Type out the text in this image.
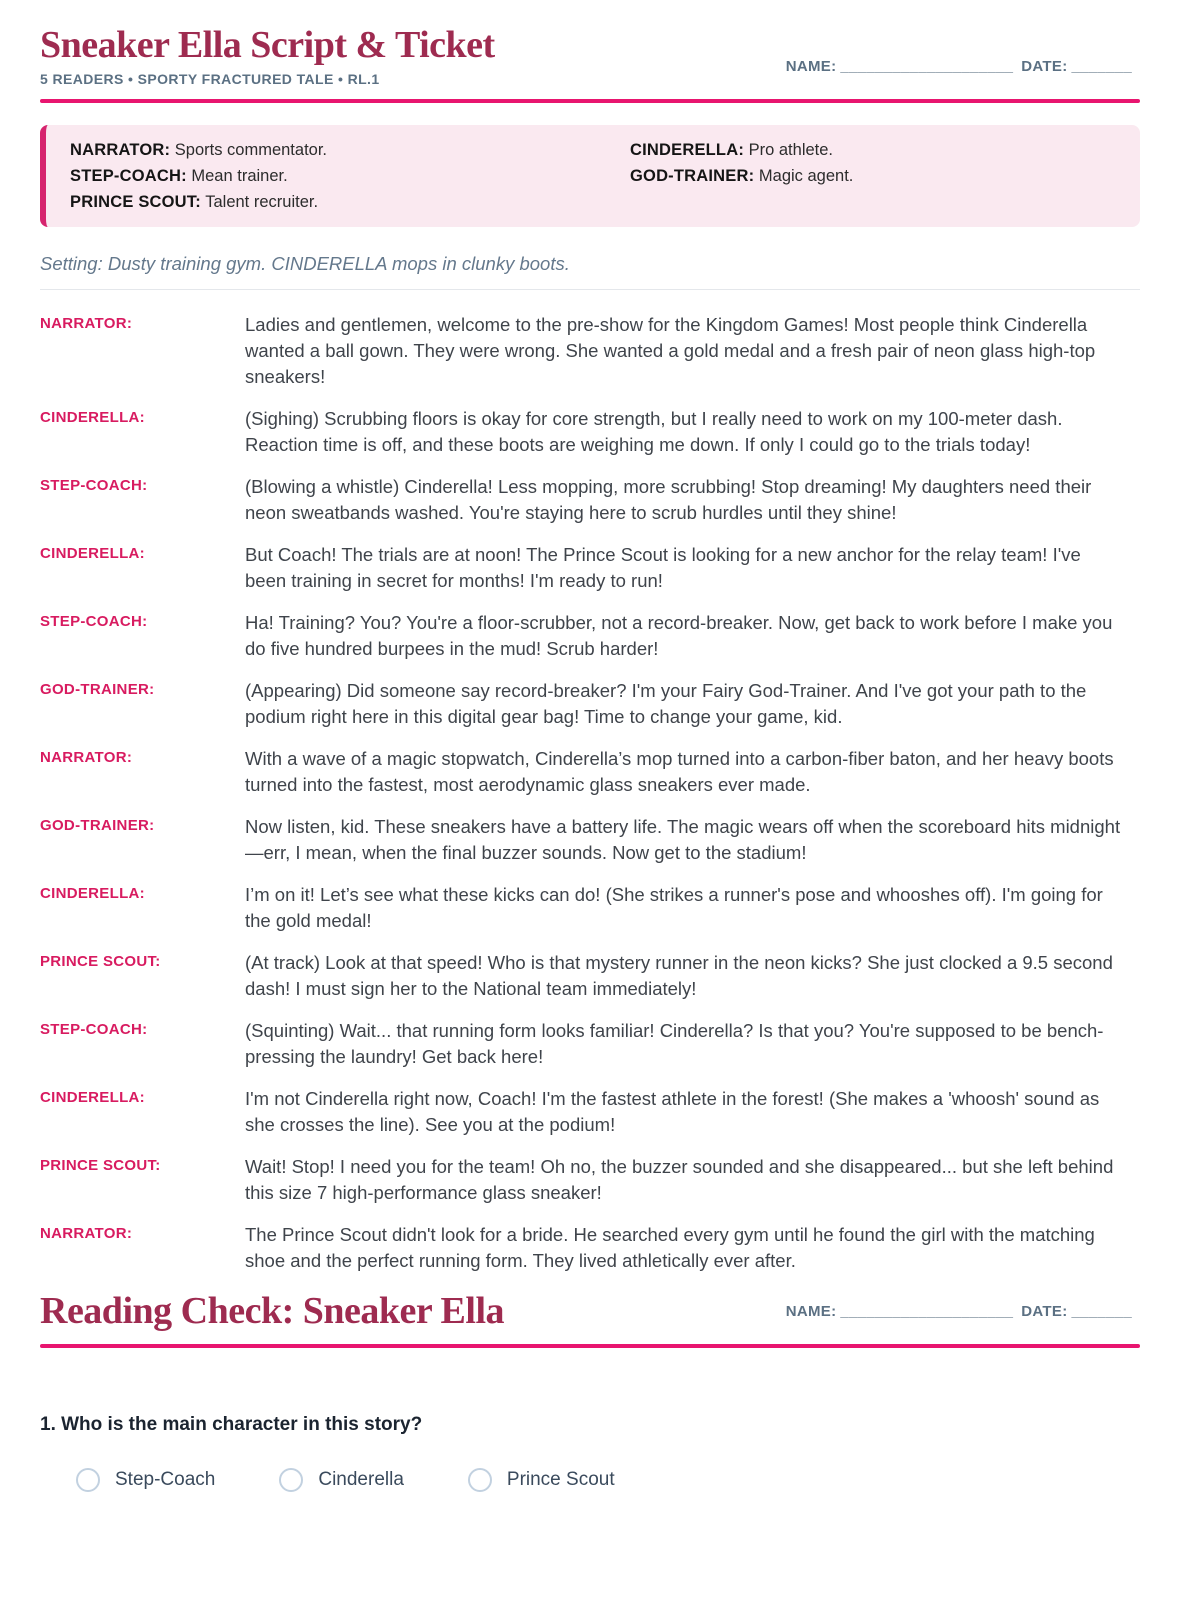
Sneaker Ella Script & Ticket
5 READERS • SPORTY FRACTURED TALE • RL.1
NAME: ____________________ DATE: _______
NARRATOR: Sports commentator.
STEP-COACH: Mean trainer.
PRINCE SCOUT: Talent recruiter.
CINDERELLA: Pro athlete.
GOD-TRAINER: Magic agent.

Setting: Dusty training gym. CINDERELLA mops in clunky boots.

NARRATOR:	Ladies and gentlemen, welcome to the pre-show for the Kingdom Games! Most people think Cinderella wanted a ball gown. They were wrong. She wanted a gold medal and a fresh pair of neon glass high-top sneakers!
CINDERELLA:	(Sighing) Scrubbing floors is okay for core strength, but I really need to work on my 100-meter dash. Reaction time is off, and these boots are weighing me down. If only I could go to the trials today!
STEP-COACH:	(Blowing a whistle) Cinderella! Less mopping, more scrubbing! Stop dreaming! My daughters need their neon sweatbands washed. You're staying here to scrub hurdles until they shine!
CINDERELLA:	But Coach! The trials are at noon! The Prince Scout is looking for a new anchor for the relay team! I've been training in secret for months! I'm ready to run!
STEP-COACH:	Ha! Training? You? You're a floor-scrubber, not a record-breaker. Now, get back to work before I make you do five hundred burpees in the mud! Scrub harder!
GOD-TRAINER:	(Appearing) Did someone say record-breaker? I'm your Fairy God-Trainer. And I've got your path to the podium right here in this digital gear bag! Time to change your game, kid.
NARRATOR:	With a wave of a magic stopwatch, Cinderella’s mop turned into a carbon-fiber baton, and her heavy boots turned into the fastest, most aerodynamic glass sneakers ever made.
GOD-TRAINER:	Now listen, kid. These sneakers have a battery life. The magic wears off when the scoreboard hits midnight—err, I mean, when the final buzzer sounds. Now get to the stadium!
CINDERELLA:	I’m on it! Let’s see what these kicks can do! (She strikes a runner's pose and whooshes off). I'm going for the gold medal!
PRINCE SCOUT:	(At track) Look at that speed! Who is that mystery runner in the neon kicks? She just clocked a 9.5 second dash! I must sign her to the National team immediately!
STEP-COACH:	(Squinting) Wait... that running form looks familiar! Cinderella? Is that you? You're supposed to be bench-pressing the laundry! Get back here!
CINDERELLA:	I'm not Cinderella right now, Coach! I'm the fastest athlete in the forest! (She makes a 'whoosh' sound as she crosses the line). See you at the podium!
PRINCE SCOUT:	Wait! Stop! I need you for the team! Oh no, the buzzer sounded and she disappeared... but she left behind this size 7 high-performance glass sneaker!
NARRATOR:	The Prince Scout didn't look for a bride. He searched every gym until he found the girl with the matching shoe and the perfect running form. They lived athletically ever after.
Reading Check: Sneaker Ella	NAME: ____________________ DATE: _______
1. Who is the main character in this story?
Step-Coach	Cinderella	Prince Scout
